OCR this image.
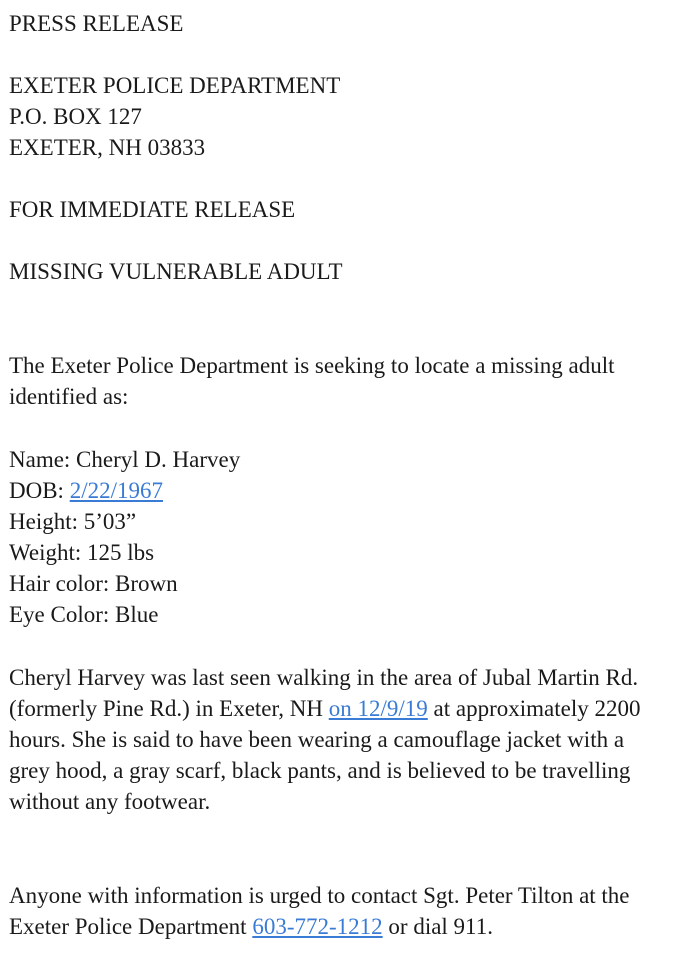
PRESS RELEASE
EXETER POLICE DEPARTMENT
P.O. BOX 127
EXETER, NH 03833
FOR IMMEDIATE RELEASE
MISSING VULNERABLE ADULT
The Exeter Police Department is seeking to locate a missing adult
identified as:
Name: Cheryl D. Harvey
DOB: 2/22/1967
Height: 5’03”
Weight: 125 lbs
Hair color: Brown
Eye Color: Blue
Cheryl Harvey was last seen walking in the area of Jubal Martin Rd.
(formerly Pine Rd.) in Exeter, NH on 12/9/19 at approximately 2200
hours. She is said to have been wearing a camouflage jacket with a
grey hood, a gray scarf, black pants, and is believed to be travelling
without any footwear.
Anyone with information is urged to contact Sgt. Peter Tilton at the
Exeter Police Department 603-772-1212 or dial 911.
